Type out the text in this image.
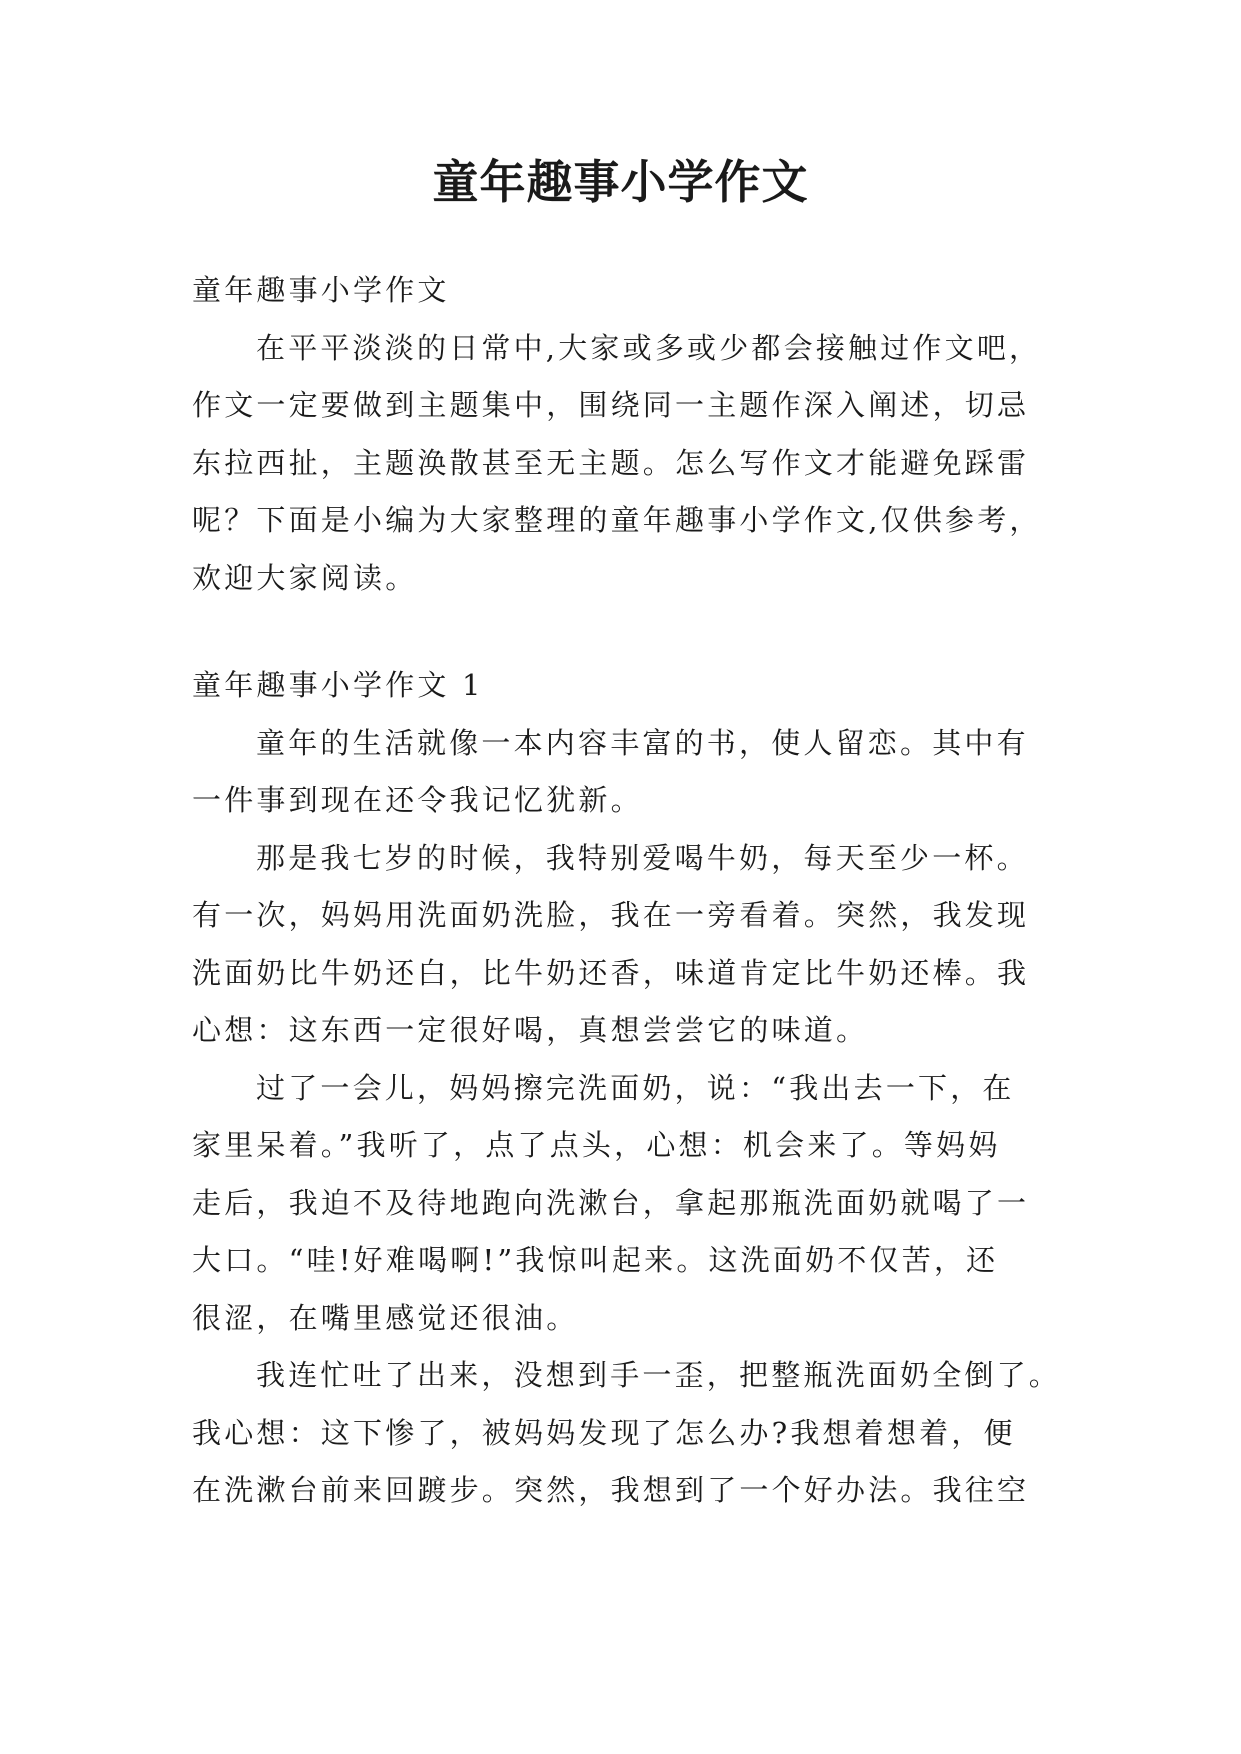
童年趣事小学作文
童年趣事小学作文
在平平淡淡的日常中,大家或多或少都会接触过作文吧，
作文一定要做到主题集中，围绕同一主题作深入阐述，切忌
东拉西扯，主题涣散甚至无主题。怎么写作文才能避免踩雷
呢？下面是小编为大家整理的童年趣事小学作文,仅供参考，
欢迎大家阅读。
童年趣事小学作文 1
童年的生活就像一本内容丰富的书，使人留恋。其中有
一件事到现在还令我记忆犹新。
那是我七岁的时候，我特别爱喝牛奶，每天至少一杯。
有一次，妈妈用洗面奶洗脸，我在一旁看着。突然，我发现
洗面奶比牛奶还白，比牛奶还香，味道肯定比牛奶还棒。我
心想：这东西一定很好喝，真想尝尝它的味道。
过了一会儿，妈妈擦完洗面奶，说：“我出去一下，在
家里呆着。”我听了，点了点头，心想：机会来了。等妈妈
走后，我迫不及待地跑向洗漱台，拿起那瓶洗面奶就喝了一
大口。“哇!好难喝啊!”我惊叫起来。这洗面奶不仅苦，还
很涩，在嘴里感觉还很油。
我连忙吐了出来，没想到手一歪，把整瓶洗面奶全倒了。
我心想：这下惨了，被妈妈发现了怎么办?我想着想着，便
在洗漱台前来回踱步。突然，我想到了一个好办法。我往空
